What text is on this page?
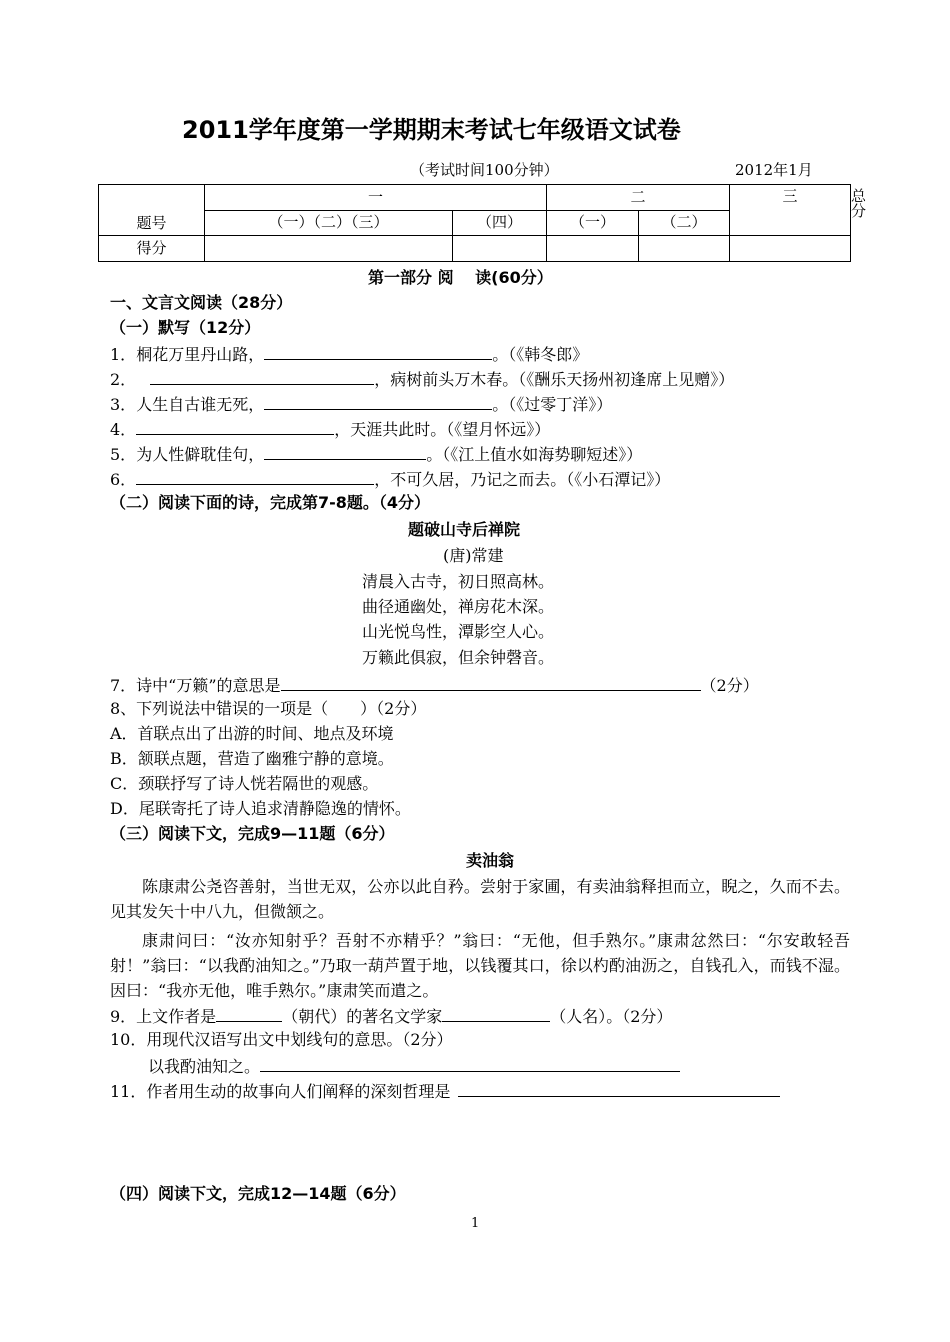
2011学年度第一学期期末考试七年级语文试卷
（考试时间100分钟）	2012年1月
题号	一		二		三	总分
	（一）（二）（三）	（四）	（一）	（二）		
得分						
第一部分 阅　 读(60分）
一、文言文阅读（28分）
（一）默写（12分）
1．桐花万里丹山路，	。（《韩冬郎》
2．	，病树前头万木春。（《酬乐天扬州初逢席上见赠》）
3．人生自古谁无死，	。（《过零丁洋》）
4．	，天涯共此时。（《望月怀远》）
5．为人性僻耽佳句，	。（《江上值水如海势聊短述》）
6．	，不可久居，乃记之而去。（《小石潭记》）
（二）阅读下面的诗，完成第7-8题。（4分）
题破山寺后禅院
(唐)常建
清晨入古寺，初日照高林。
曲径通幽处，禅房花木深。
山光悦鸟性，潭影空人心。
万籁此俱寂，但余钟磬音。
7．诗中“万籁”的意思是	（2分）
8、下列说法中错误的一项是（　　）（2分）
A．首联点出了出游的时间、地点及环境
B．颔联点题，营造了幽雅宁静的意境。
C．颈联抒写了诗人恍若隔世的观感。
D．尾联寄托了诗人追求清静隐逸的情怀。
（三）阅读下文，完成9—11题（6分）
卖油翁
陈康肃公尧咨善射，当世无双，公亦以此自矜。尝射于家圃，有卖油翁释担而立，睨之，久而不去。见其发矢十中八九，但微颔之。
康肃问曰：“汝亦知射乎？吾射不亦精乎？”翁曰：“无他，但手熟尔。”康肃忿然曰：“尔安敢轻吾射！”翁曰：“以我酌油知之。”乃取一葫芦置于地，以钱覆其口，徐以杓酌油沥之，自钱孔入，而钱不湿。因曰：“我亦无他，唯手熟尔。”康肃笑而遣之。
9．上文作者是	（朝代）的著名文学家	（人名）。（2分）
10．用现代汉语写出文中划线句的意思。（2分）
以我酌油知之。
11．作者用生动的故事向人们阐释的深刻哲理是
（四）阅读下文，完成12—14题（6分）
1
